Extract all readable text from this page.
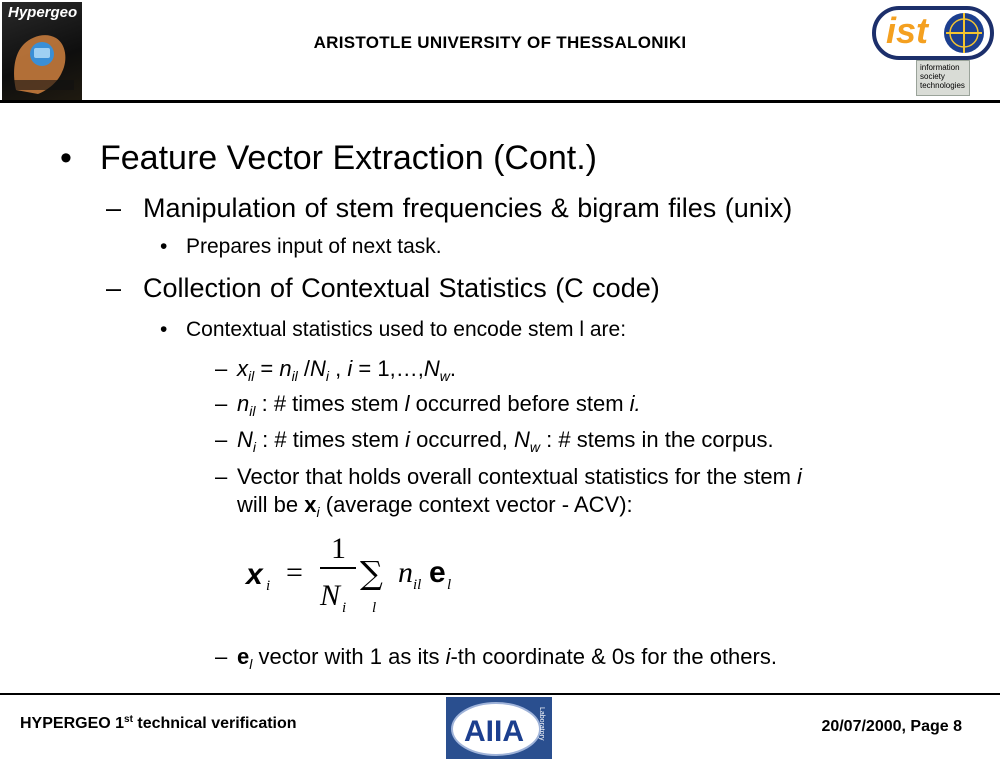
Hypergeo
ARISTOTLE UNIVERSITY OF THESSALONIKI	ist
information
society
technologies
• Feature Vector Extraction (Cont.)
– Manipulation of stem frequencies & bigram files (unix)
• Prepares input of next task.
– Collection of Contextual Statistics (C code)
• Contextual statistics used to encode stem l are:
– $x_{il} = n_{il}$ $/N_i$ , $i = 1,\dots,N_w$.
– $n_{il}$ : # times stem l occurred before stem i.
– $N_i$ : # times stem i occurred, $N_w$ : # stems in the corpus.
– Vector that holds overall contextual statistics for the stem i
will be $x_i$ (average context vector - ACV):
x i =
1
N i
∑
l
n il e l
– $e_l$ vector with 1 as its i-th coordinate & 0s for the others.
HYPERGEO 1st technical verification	AIIA Laboratory	20/07/2000, Page 8
